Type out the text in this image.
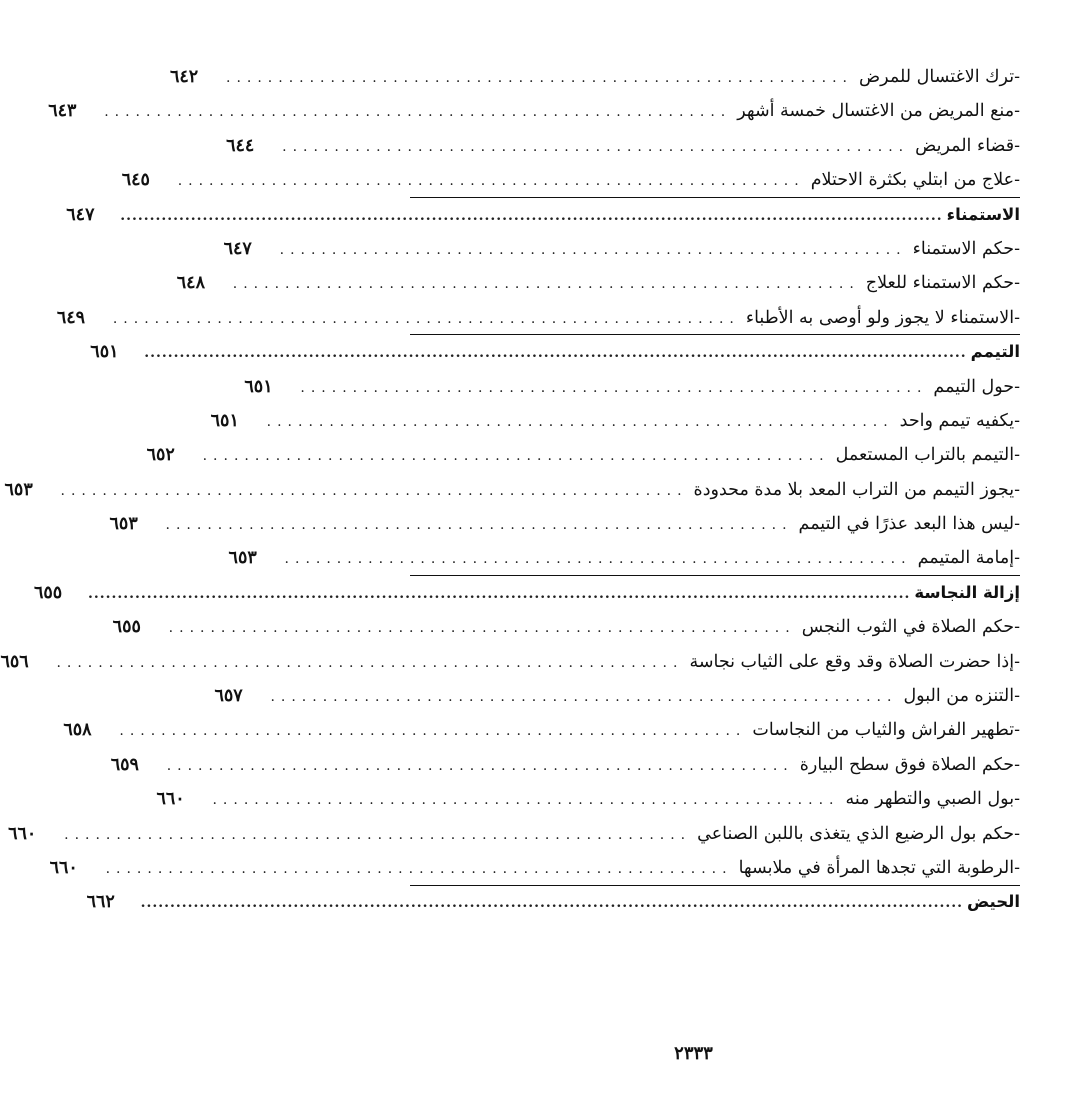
-ترك الاغتسال للمرض
............................................................
٦٤٢
-منع المريض من الاغتسال خمسة أشهر
............................................................
٦٤٣
-قضاء المريض
............................................................
٦٤٤
-علاج من ابتلي بكثرة الاحتلام
............................................................
٦٤٥
الاستمناء
............................................................................................................................................
٦٤٧
-حكم الاستمناء
............................................................
٦٤٧
-حكم الاستمناء للعلاج
............................................................
٦٤٨
-الاستمناء لا يجوز ولو أوصى به الأطباء
............................................................
٦٤٩
التيمم
............................................................................................................................................
٦٥١
-حول التيمم
............................................................
٦٥١
-يكفيه تيمم واحد
............................................................
٦٥١
-التيمم بالتراب المستعمل
............................................................
٦٥٢
-يجوز التيمم من التراب المعد بلا مدة محدودة
............................................................
٦٥٣
-ليس هذا البعد عذرًا في التيمم
............................................................
٦٥٣
-إمامة المتيمم
............................................................
٦٥٣
إزالة النجاسة
............................................................................................................................................
٦٥٥
-حكم الصلاة في الثوب النجس
............................................................
٦٥٥
-إذا حضرت الصلاة وقد وقع على الثياب نجاسة
............................................................
٦٥٦
-التنزه من البول
............................................................
٦٥٧
-تطهير الفراش والثياب من النجاسات
............................................................
٦٥٨
-حكم الصلاة فوق سطح البيارة
............................................................
٦٥٩
-بول الصبي والتطهر منه
............................................................
٦٦٠
-حكم بول الرضيع الذي يتغذى باللبن الصناعي
............................................................
٦٦٠
-الرطوبة التي تجدها المرأة في ملابسها
............................................................
٦٦٠
الحيض
............................................................................................................................................
٦٦٢
٢٣٣٣
